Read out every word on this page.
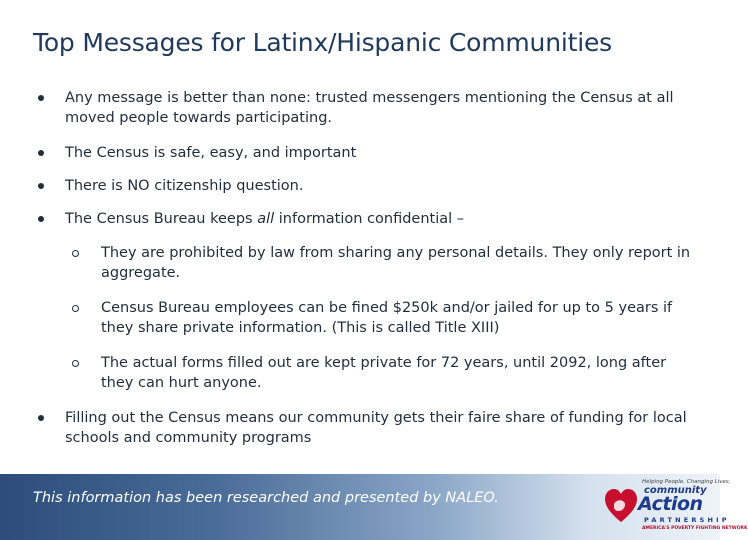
Top Messages for Latinx/Hispanic Communities
Any message is better than none: trusted messengers mentioning the Census at all moved people towards participating.
The Census is safe, easy, and important
There is NO citizenship question.
The Census Bureau keeps all information confidential –
They are prohibited by law from sharing any personal details. They only report in aggregate.
Census Bureau employees can be fined $250k and/or jailed for up to 5 years if they share private information. (This is called Title XIII)
The actual forms filled out are kept private for 72 years, until 2092, long after they can hurt anyone.
Filling out the Census means our community gets their faire share of funding for local schools and community programs
This information has been researched and presented by NALEO.
Helping People. Changing Lives.
community
Action
PARTNERSHIP
AMERICA'S POVERTY FIGHTING NETWORK
